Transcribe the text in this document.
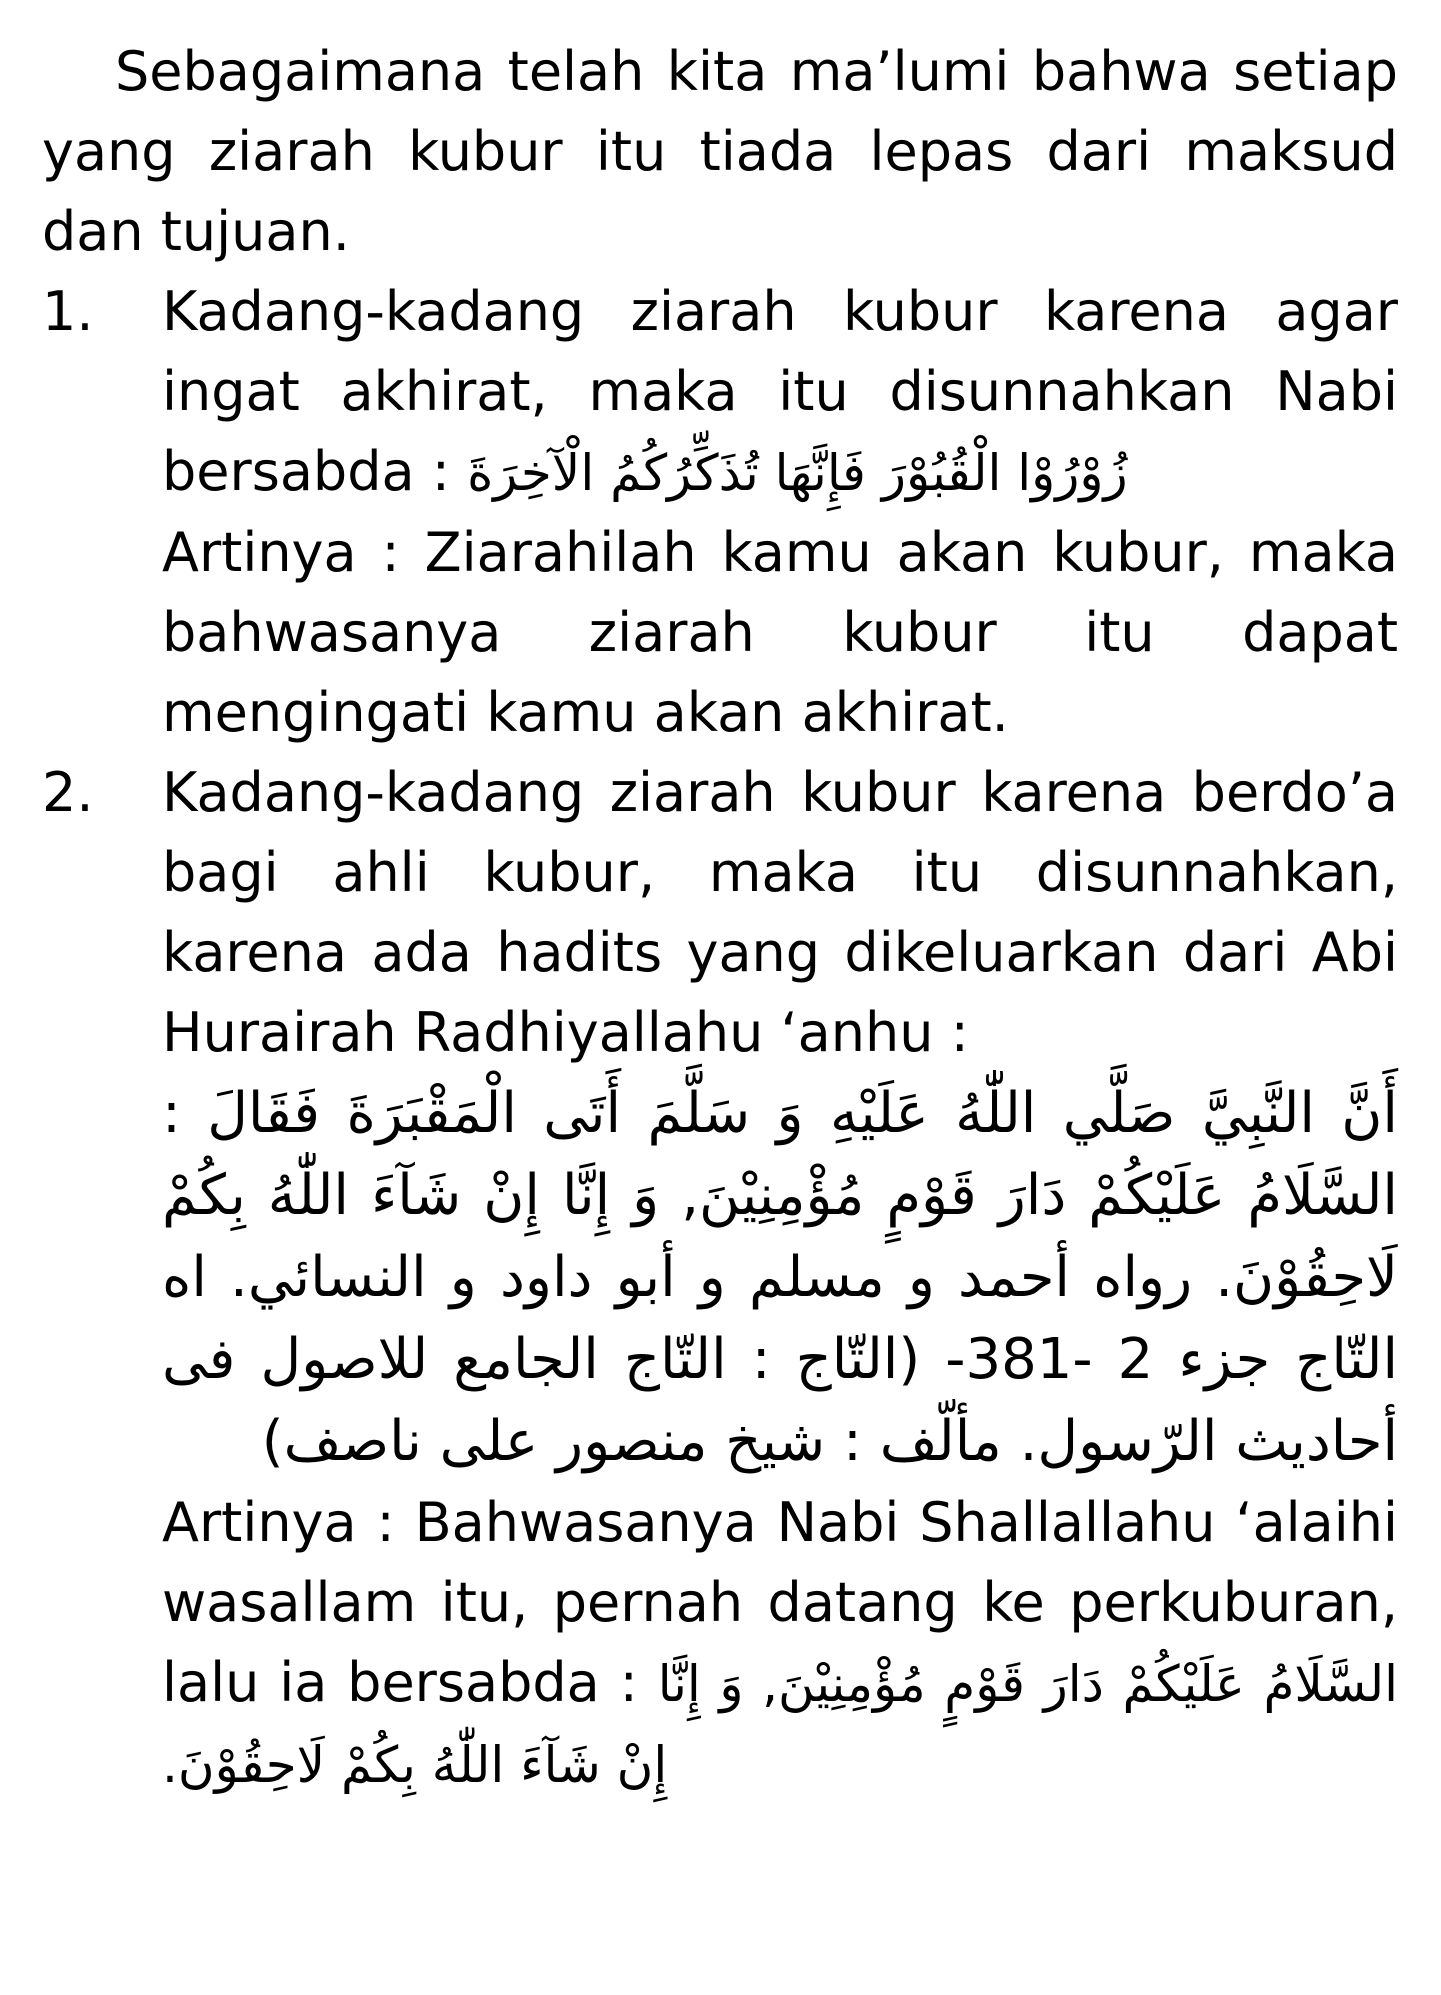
Sebagaimana telah kita ma’lumi bahwa setiap yang ziarah kubur itu tiada lepas dari maksud dan tujuan.

1. Kadang-kadang ziarah kubur karena agar ingat akhirat, maka itu disunnahkan Nabi bersabda : زُوْرُوْا الْقُبُوْرَ فَإِنَّهَا تُذَكِّرُكُمُ الْآخِرَةَ

Artinya : Ziarahilah kamu akan kubur, maka bahwasanya ziarah kubur itu dapat mengingati kamu akan akhirat.

2. Kadang-kadang ziarah kubur karena berdo’a bagi ahli kubur, maka itu disunnahkan, karena ada hadits yang dikeluarkan dari Abi Hurairah Radhiyallahu ‘anhu :

أَنَّ النَّبِيَّ صَلَّي اللّٰهُ عَلَيْهِ وَ سَلَّمَ أَتَى الْمَقْبَرَةَ فَقَالَ : السَّلَامُ عَلَيْكُمْ دَارَ قَوْمٍ مُؤْمِنِيْنَ, وَ إِنَّا إِنْ شَآءَ اللّٰهُ بِكُمْ لَاحِقُوْنَ. رواه أحمد و مسلم و أبو داود و النسائي. اه التّاج جزء 2 -381- (التّاج : التّاج الجامع للاصول فى أحاديث الرّسول. مألّف : شيخ منصور على ناصف)

Artinya : Bahwasanya Nabi Shallallahu ‘alaihi wasallam itu, pernah datang ke perkuburan, lalu ia bersabda : السَّلَامُ عَلَيْكُمْ دَارَ قَوْمٍ مُؤْمِنِيْنَ, وَ إِنَّا إِنْ شَآءَ اللّٰهُ بِكُمْ لَاحِقُوْنَ.
